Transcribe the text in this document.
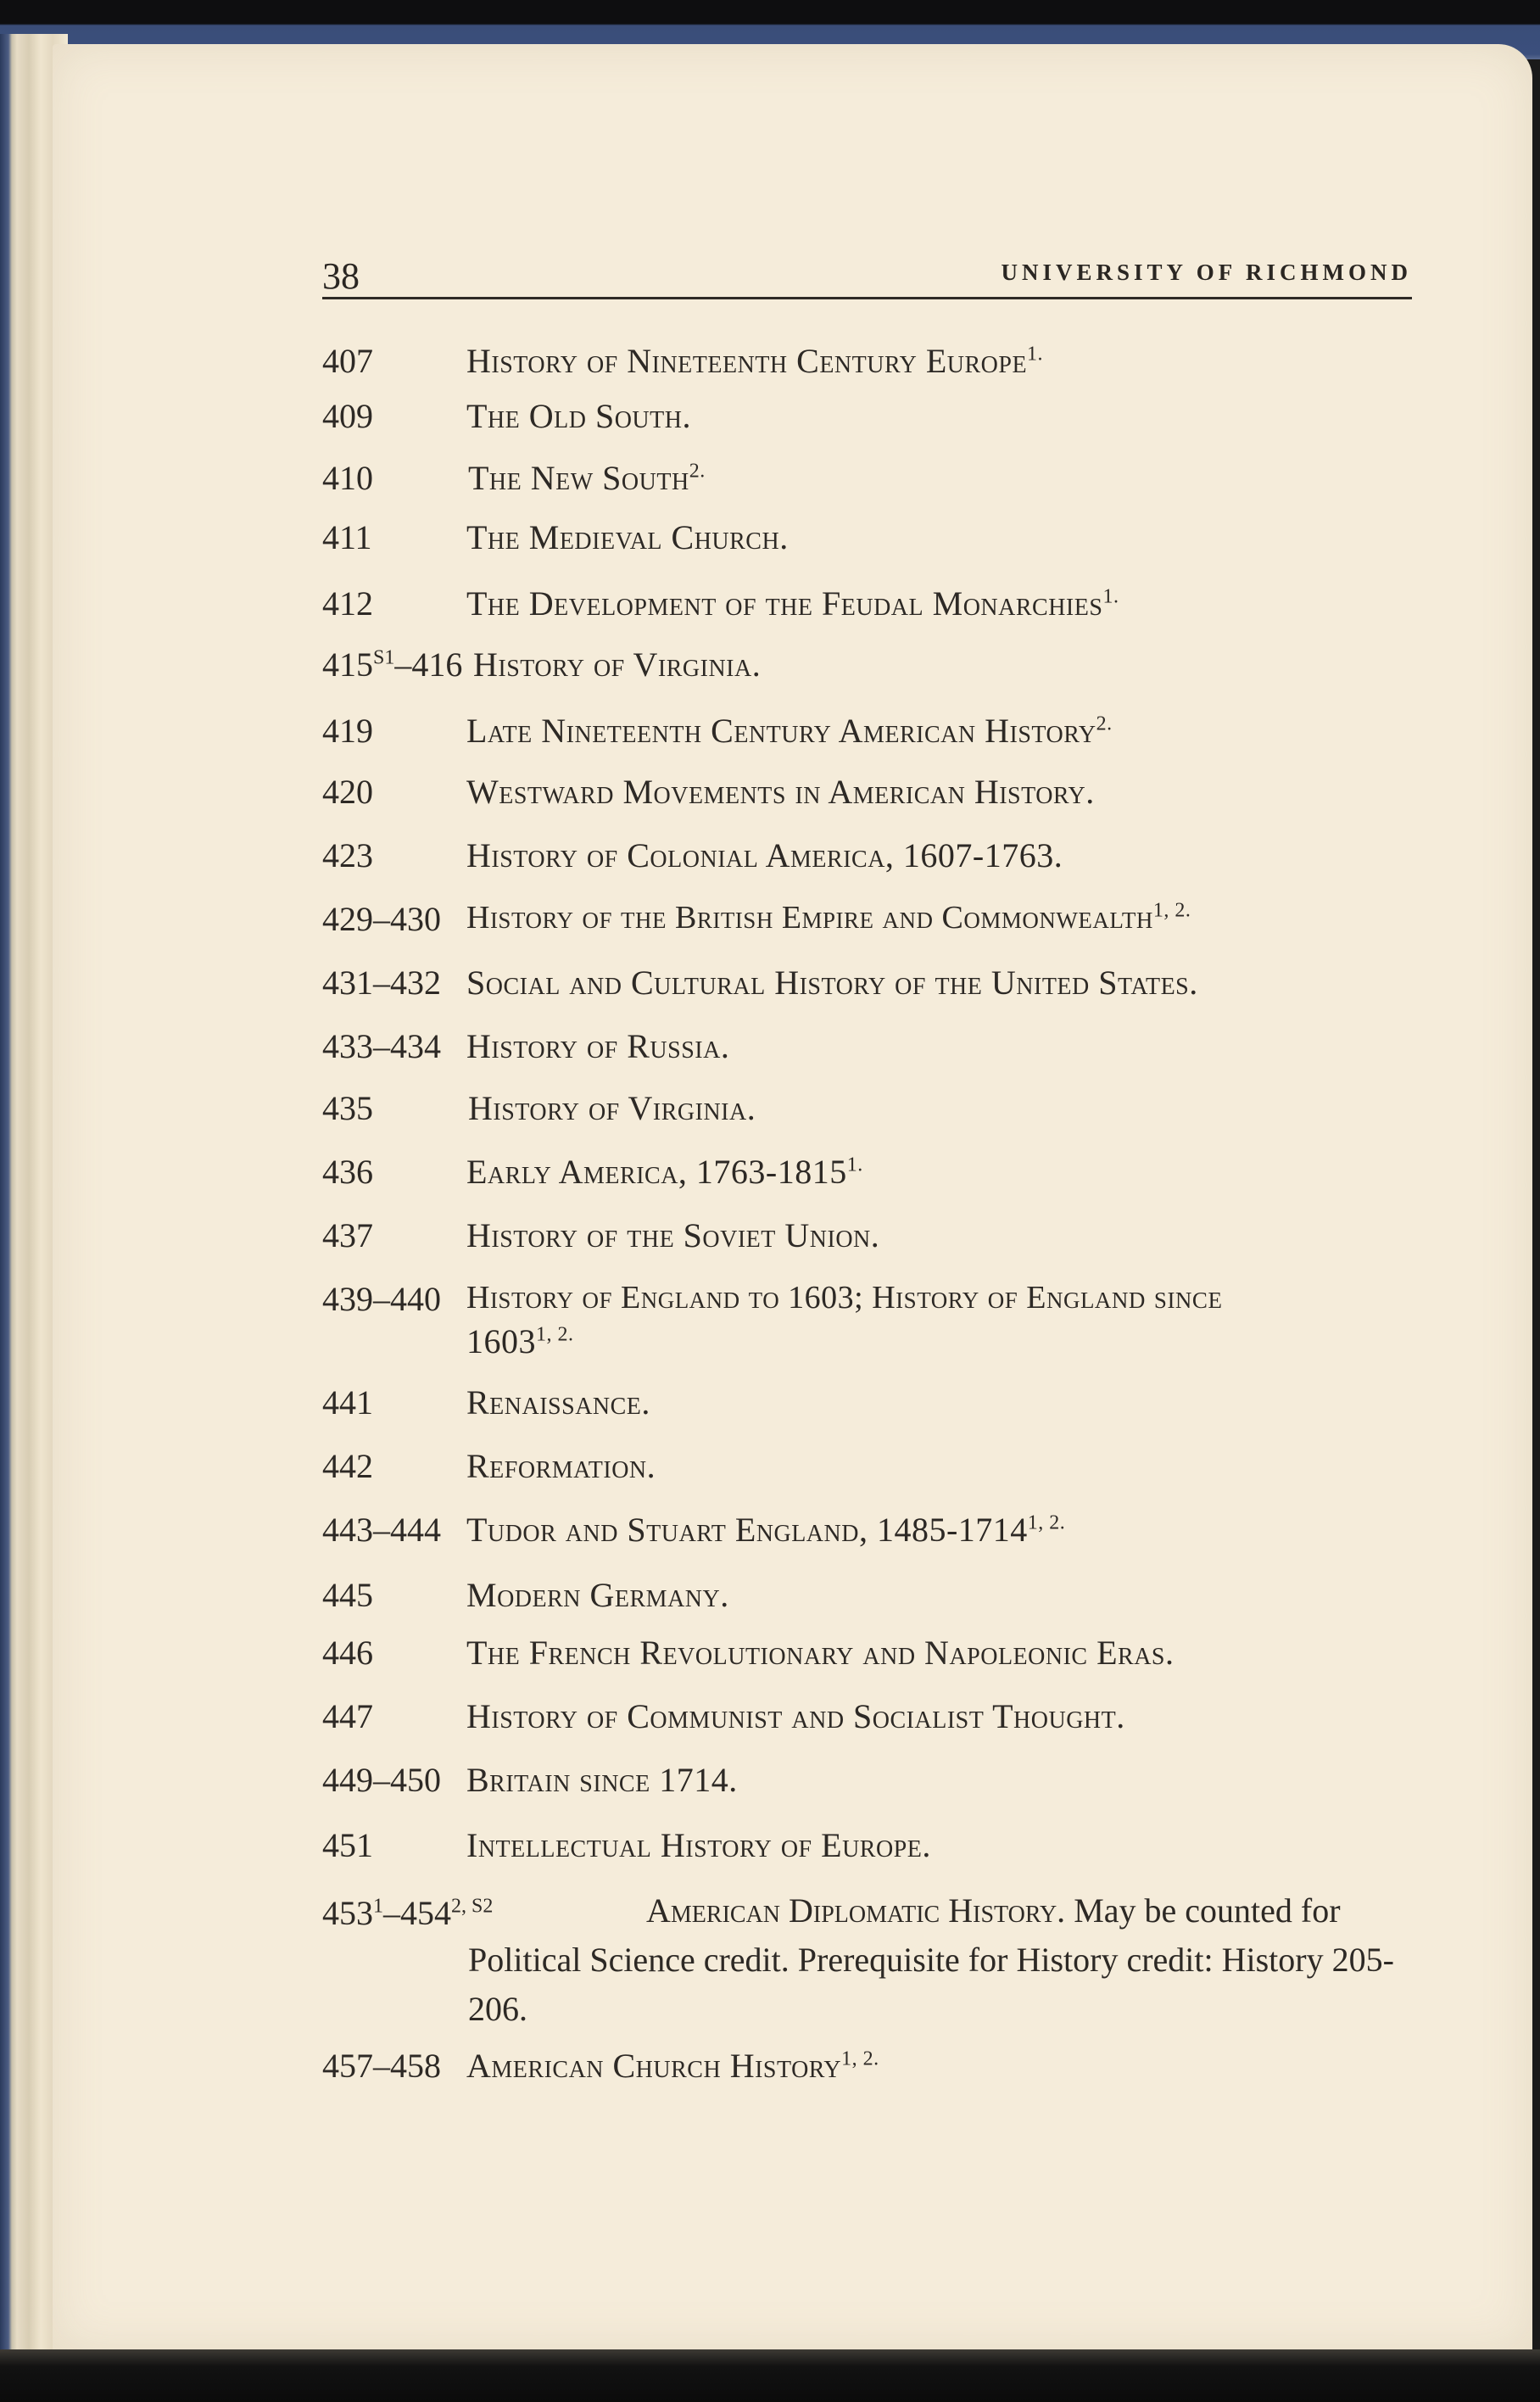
38	UNIVERSITY OF RICHMOND
407	History of Nineteenth Century Europe$^{1.}$
409	The Old South.
410	The New South$^{2.}$
411	The Medieval Church.
412	The Development of the Feudal Monarchies$^{1.}$
$415^{S1}-416$ History of Virginia.
419	Late Nineteenth Century American History$^{2.}$
420	Westward Movements in American History.
423	History of Colonial America, 1607-1763.
429–430 History of the British Empire and Commonwealth$^{1, 2.}$
431–432 Social and Cultural History of the United States.
433–434 History of Russia.
435	History of Virginia.
436	Early America, $1763-1815^{1.}$
437	History of the Soviet Union.
439–440 History of England to 1603; History of England since
$1603^{1, 2.}$
441	Renaissance.
442	Reformation.
443–444 Tudor and Stuart England, $1485-1714^{1, 2.}$
445	Modern Germany.
446	The French Revolutionary and Napoleonic Eras.
447	History of Communist and Socialist Thought.
449–450 Britain since 1714.
451	Intellectual History of Europe.
$453^1-454^{2, S2}$	American Diplomatic History. May be counted for Political Science credit. Prerequisite for History credit: History 205-206.
457–458 American Church History$^{1, 2.}$
